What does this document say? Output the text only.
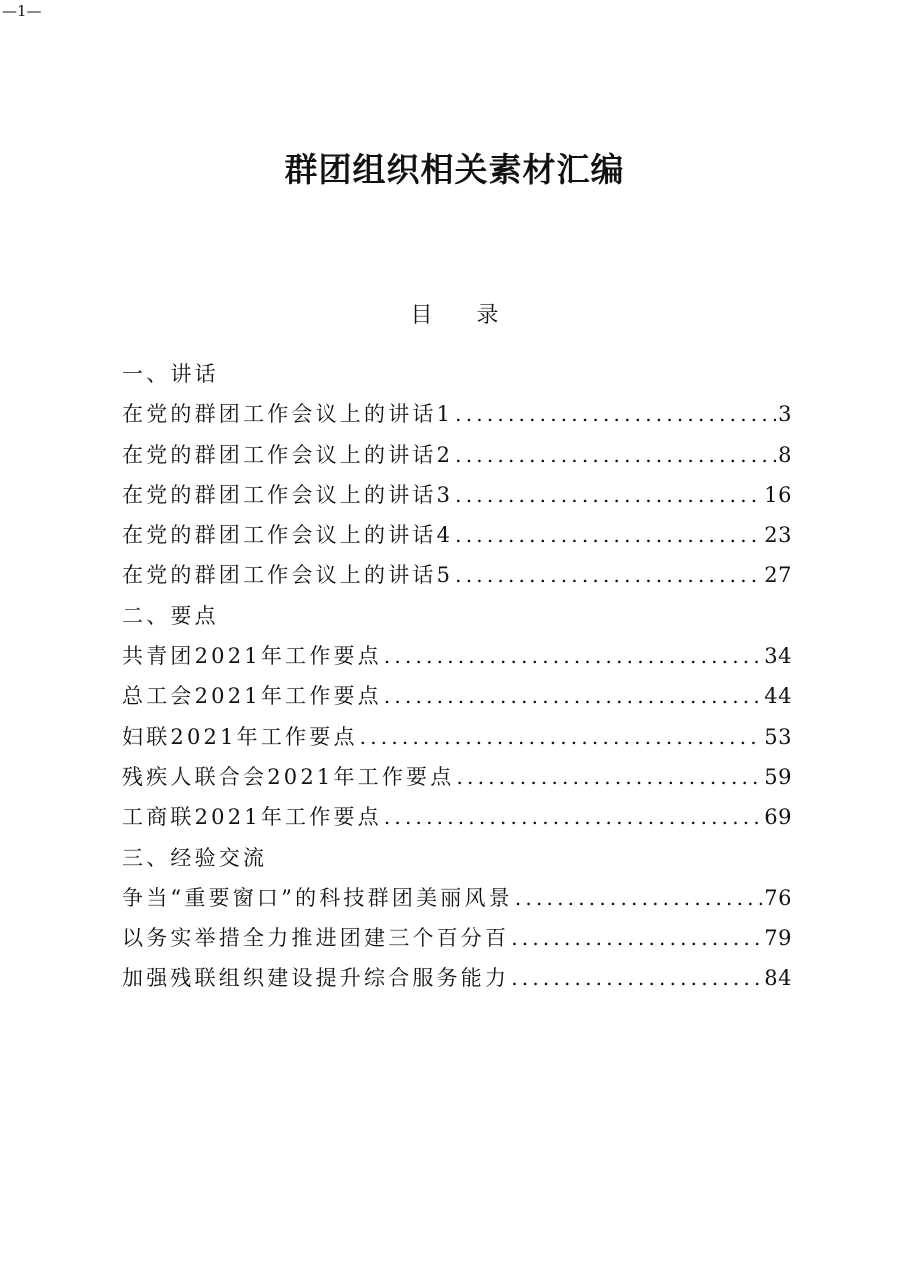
—1—
群团组织相关素材汇编
目 录
一、讲话
在党的群团工作会议上的讲话1 .....	3
在党的群团工作会议上的讲话2 .....	8
在党的群团工作会议上的讲话3 .....	16
在党的群团工作会议上的讲话4 .....	23
在党的群团工作会议上的讲话5 .....	27
二、要点
共青团2021年工作要点 .....	34
总工会2021年工作要点 .....	44
妇联2021年工作要点 .....	53
残疾人联合会2021年工作要点 .....	59
工商联2021年工作要点 .....	69
三、经验交流
争当“重要窗口”的科技群团美丽风景 .....	76
以务实举措全力推进团建三个百分百 .....	79
加强残联组织建设提升综合服务能力 .....	84
